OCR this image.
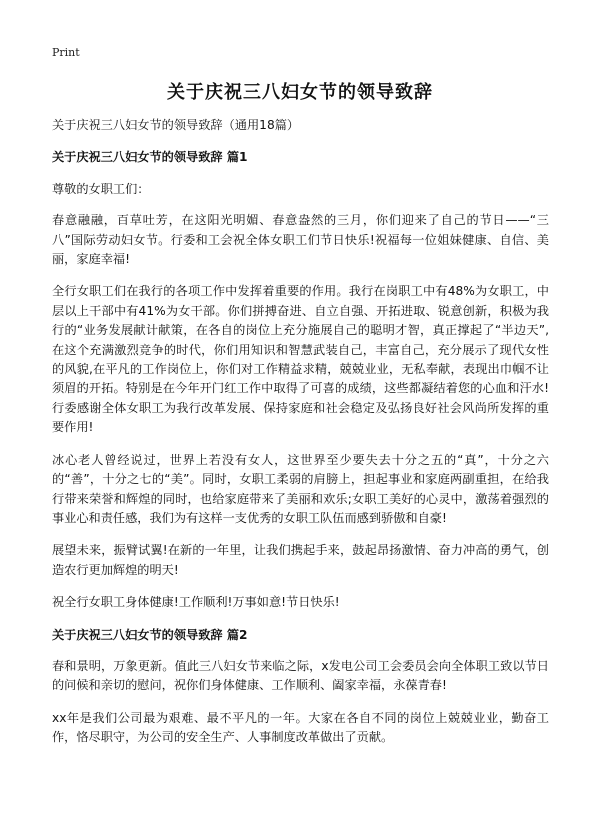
Print
关于庆祝三八妇女节的领导致辞

关于庆祝三八妇女节的领导致辞（通用18篇）

关于庆祝三八妇女节的领导致辞 篇1

尊敬的女职工们：

春意融融，百草吐芳，在这阳光明媚、春意盎然的三月，你们迎来了自己的节日——“三八”国际劳动妇女节。行委和工会祝全体女职工们节日快乐!祝福每一位姐妹健康、自信、美丽，家庭幸福!

全行女职工们在我行的各项工作中发挥着重要的作用。我行在岗职工中有48%为女职工，中层以上干部中有41%为女干部。你们拼搏奋进、自立自强、开拓进取、锐意创新，积极为我行的“业务发展献计献策，在各自的岗位上充分施展自己的聪明才智，真正撑起了“半边天”,在这个充满激烈竞争的时代，你们用知识和智慧武装自己，丰富自己，充分展示了现代女性的风貌,在平凡的工作岗位上，你们对工作精益求精，兢兢业业，无私奉献，表现出巾帼不让须眉的开拓。特别是在今年开门红工作中取得了可喜的成绩，这些都凝结着您的心血和汗水!行委感谢全体女职工为我行改革发展、保持家庭和社会稳定及弘扬良好社会风尚所发挥的重要作用!

冰心老人曾经说过，世界上若没有女人，这世界至少要失去十分之五的“真”，十分之六的“善”，十分之七的“美”。同时，女职工柔弱的肩膀上，担起事业和家庭两副重担，在给我行带来荣誉和辉煌的同时，也给家庭带来了美丽和欢乐;女职工美好的心灵中，激荡着强烈的事业心和责任感，我们为有这样一支优秀的女职工队伍而感到骄傲和自豪!

展望未来，振臂试翼!在新的一年里，让我们携起手来，鼓起昂扬激情、奋力冲高的勇气，创造农行更加辉煌的明天!

祝全行女职工身体健康!工作顺利!万事如意!节日快乐!

关于庆祝三八妇女节的领导致辞 篇2

春和景明，万象更新。值此三八妇女节来临之际，x发电公司工会委员会向全体职工致以节日的问候和亲切的慰问，祝你们身体健康、工作顺利、阖家幸福，永葆青春!

xx年是我们公司最为艰难、最不平凡的一年。大家在各自不同的岗位上兢兢业业，勤奋工作，恪尽职守，为公司的安全生产、人事制度改革做出了贡献。
